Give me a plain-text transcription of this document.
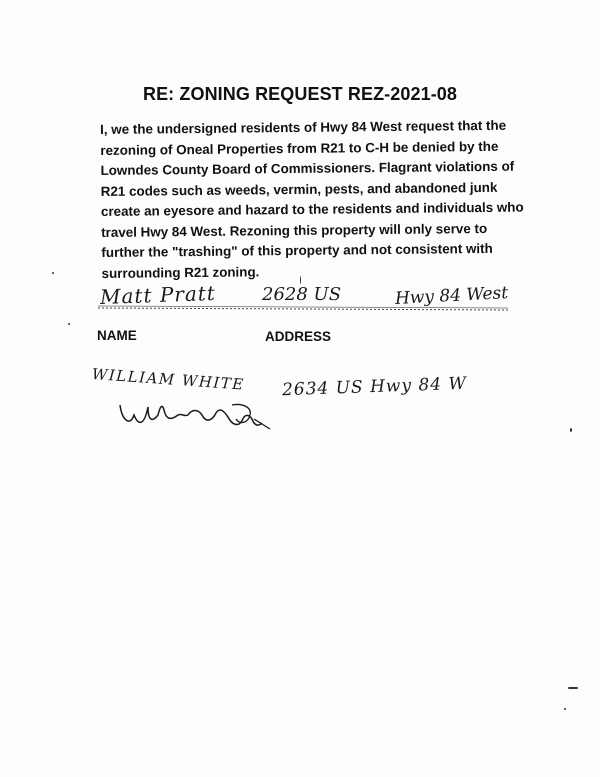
RE: ZONING REQUEST REZ-2021-08
I, we the undersigned residents of Hwy 84 West request that the
rezoning of Oneal Properties from R21 to C-H be denied by the
Lowndes County Board of Commissioners. Flagrant violations of
R21 codes such as weeds, vermin, pests, and abandoned junk
create an eyesore and hazard to the residents and individuals who
travel Hwy 84 West. Rezoning this property will only serve to
further the "trashing" of this property and not consistent with
surrounding R21 zoning.
Matt Pratt	2628 US	Hwy 84 West
NAME	ADDRESS
WILLIAM WHITE 2634 US Hwy 84 W
